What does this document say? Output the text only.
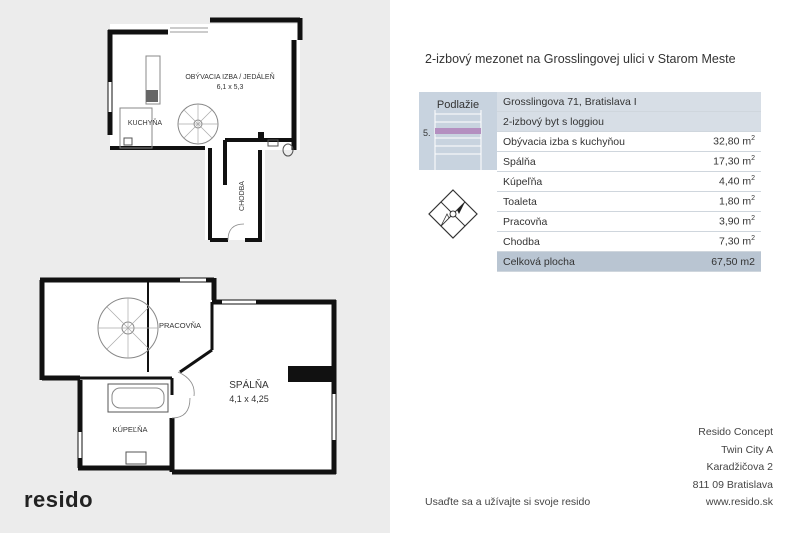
OBÝVACIA IZBA / JEDÁLEŇ
6,1 x 5,3
KUCHYŇA
CHODBA
PRACOVŇA
SPÁLŇA
4,1 x 4,25
KÚPEĽŇA
resido
2-izbový mezonet na Grosslingovej ulici v Starom Meste
Podlažie
5.
Grosslingova 71, Bratislava I	
2-izbový byt s loggiou	
Obývacia izba s kuchyňou	32,80 $m^2$
Spálňa	17,30 $m^2$
Kúpeľňa	4,40 $m^2$
Toaleta	1,80 $m^2$
Pracovňa	3,90 $m^2$
Chodba	7,30 $m^2$
Celková plocha	67,50 m2
Resido Concept
Twin City A
Karadžičova 2
811 09 Bratislava
www.resido.sk
Usaďte sa a užívajte si svoje resido
